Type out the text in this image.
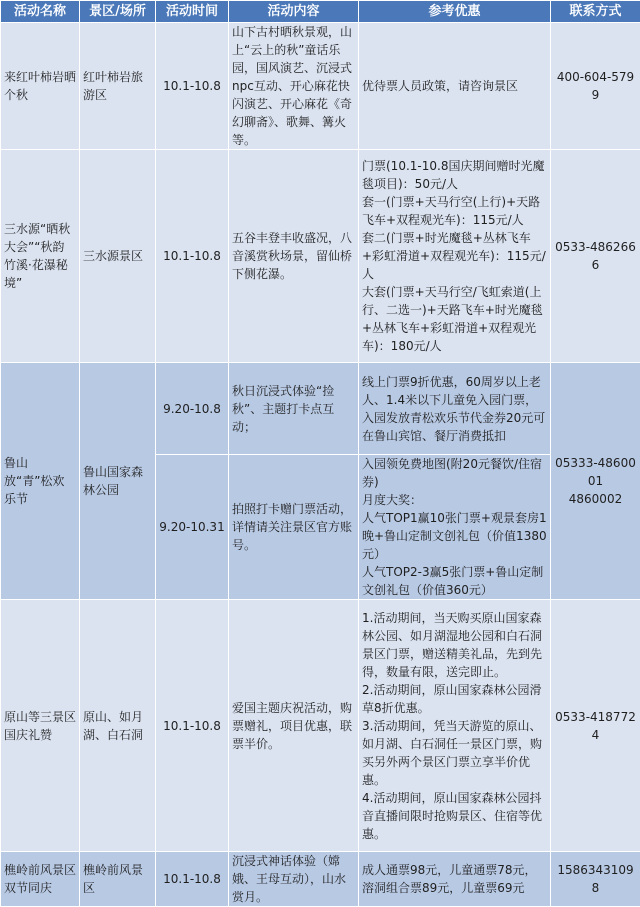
活动名称	景区/场所	活动时间	活动内容	参考优惠	联系方式
来红叶柿岩晒个秋	红叶柿岩旅游区	10.1-10.8	山下古村晒秋景观，山上“云上的秋”童话乐园，国风演艺、沉浸式npc互动、开心麻花快闪演艺、开心麻花《奇幻聊斋》、歌舞、篝火等。	优待票人员政策，请咨询景区	400-604-5799
三水源“晒秋大会”“秋韵竹溪·花瀑秘境”	三水源景区	10.1-10.8	五谷丰登丰收盛况，八音溪赏秋场景，留仙桥下侧花瀑。	门票(10.1-10.8国庆期间赠时光魔毯项目)：50元/人
套一(门票+天马行空(上行)+天路飞车+双程观光车)：115元/人
套二(门票+时光魔毯+丛林飞车+彩虹滑道+双程观光车)：115元/人
大套(门票+天马行空/飞虹索道(上行、二选一)+天路飞车+时光魔毯+丛林飞车+彩虹滑道+双程观光车)：180元/人	0533-4862666
鲁山放“青”松欢乐节	鲁山国家森林公园	9.20-10.8	秋日沉浸式体验“捡秋”、主题打卡点互动；	线上门票9折优惠，60周岁以上老人、1.4米以下儿童免入园门票，入园发放青松欢乐节代金券20元可在鲁山宾馆、餐厅消费抵扣	05333-4860001
4860002

		9.20-10.31	拍照打卡赠门票活动，详情请关注景区官方账号。	入园领免费地图(附20元餐饮/住宿券)
月度大奖：
人气TOP1赢10张门票+观景套房1晚+鲁山定制文创礼包（价值1380元）
人气TOP2-3赢5张门票+鲁山定制文创礼包（价值360元）	

原山等三景区国庆礼赞	原山、如月湖、白石洞	10.1-10.8	爱国主题庆祝活动，购票赠礼，项目优惠，联票半价。	1.活动期间，当天购买原山国家森林公园、如月湖湿地公园和白石洞景区门票，赠送精美礼品，先到先得，数量有限，送完即止。
2.活动期间，原山国家森林公园滑草8折优惠。
3.活动期间，凭当天游览的原山、如月湖、白石洞任一景区门票，购买另外两个景区门票立享半价优惠。
4.活动期间，原山国家森林公园抖音直播间限时抢购景区、住宿等优惠。	0533-4187724
樵岭前风景区双节同庆	樵岭前风景区	10.1-10.8	沉浸式神话体验（嫦娥、王母互动），山水赏月。	成人通票98元，儿童通票78元，溶洞组合票89元，儿童票69元	15863431098
